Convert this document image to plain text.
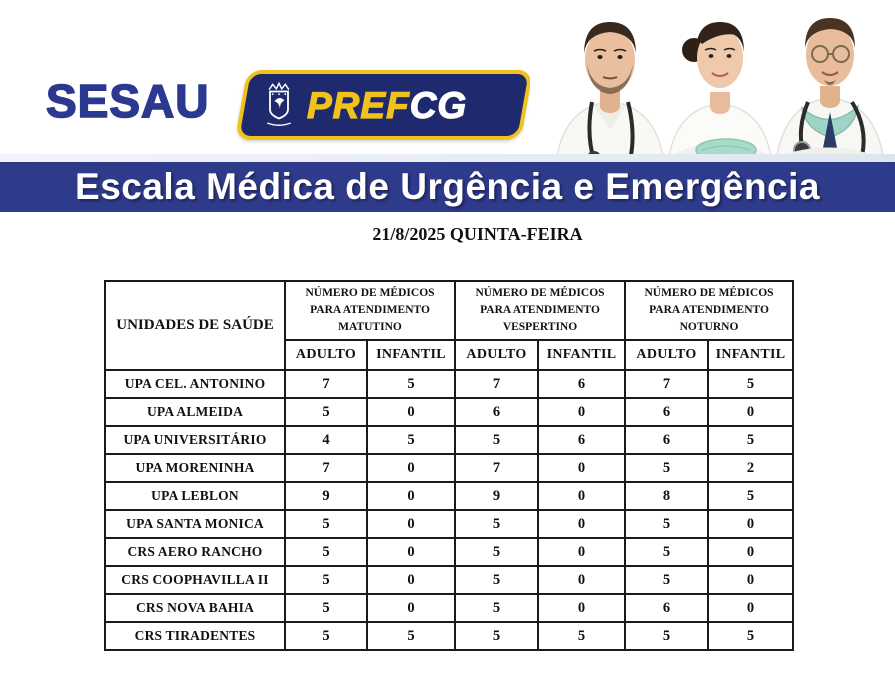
SESAU	PREFCG
Escala Médica de Urgência e Emergência
21/8/2025 QUINTA-FEIRA
UNIDADES DE SAÚDE	NÚMERO DE MÉDICOS PARA ATENDIMENTO MATUTINO		NÚMERO DE MÉDICOS PARA ATENDIMENTO VESPERTINO		NÚMERO DE MÉDICOS PARA ATENDIMENTO NOTURNO	

	ADULTO	INFANTIL	ADULTO	INFANTIL	ADULTO	INFANTIL
UPA CEL. ANTONINO	7	5	7	6	7	5
UPA ALMEIDA	5	0	6	0	6	0
UPA UNIVERSITÁRIO	4	5	5	6	6	5
UPA MORENINHA	7	0	7	0	5	2
UPA LEBLON	9	0	9	0	8	5
UPA SANTA MONICA	5	0	5	0	5	0
CRS AERO RANCHO	5	0	5	0	5	0
CRS COOPHAVILLA II	5	0	5	0	5	0
CRS NOVA BAHIA	5	0	5	0	6	0
CRS TIRADENTES	5	5	5	5	5	5
